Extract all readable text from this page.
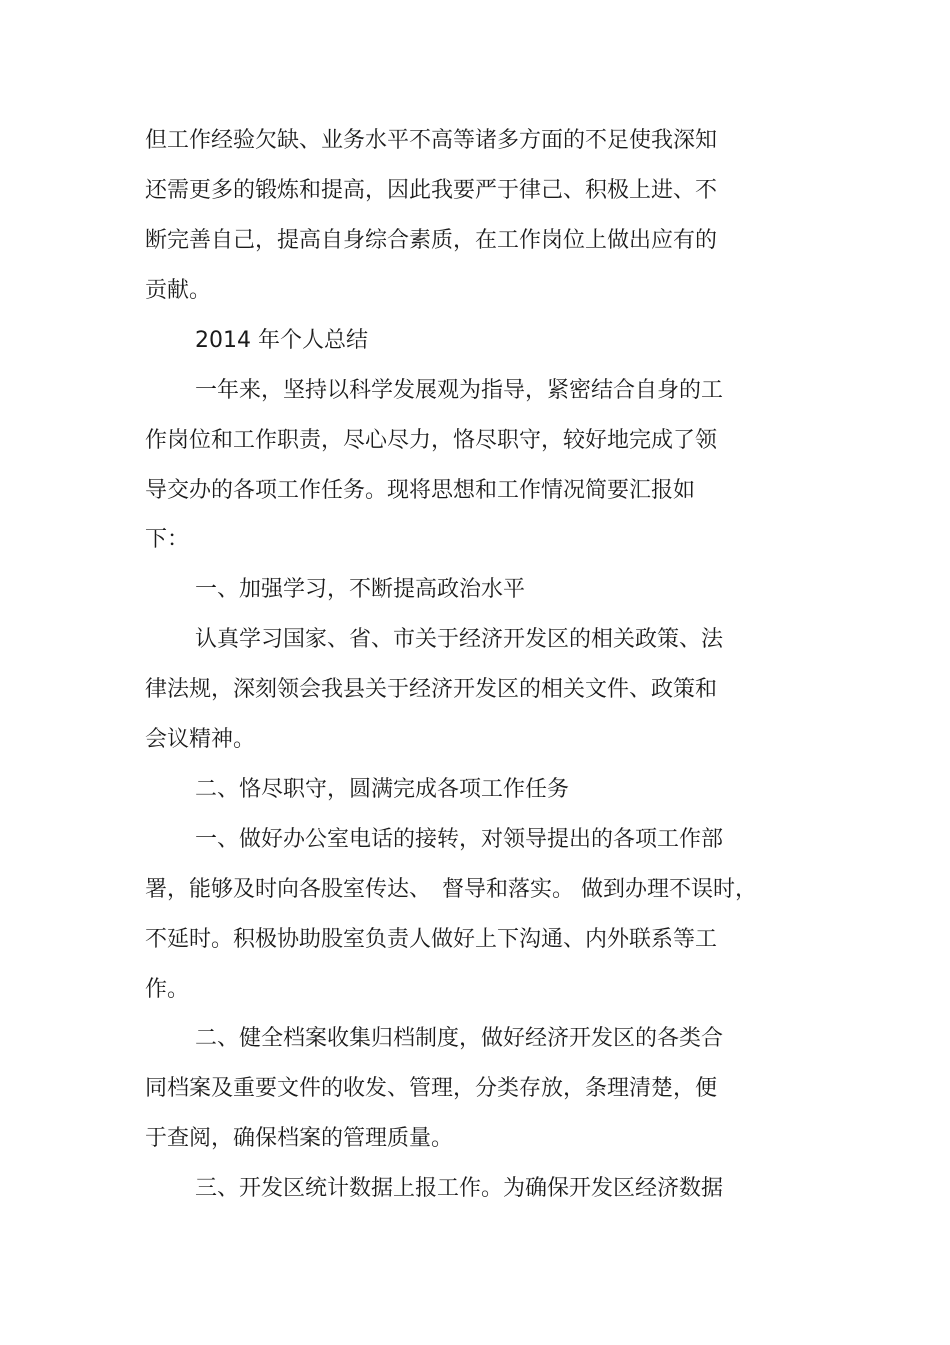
但工作经验欠缺、业务水平不高等诸多方面的不足使我深知
还需更多的锻炼和提高，因此我要严于律己、积极上进、不
断完善自己，提高自身综合素质，在工作岗位上做出应有的
贡献。
2014 年个人总结
一年来，坚持以科学发展观为指导，紧密结合自身的工
作岗位和工作职责，尽心尽力，恪尽职守，较好地完成了领
导交办的各项工作任务。现将思想和工作情况简要汇报如
下：
一、加强学习，不断提高政治水平
认真学习国家、省、市关于经济开发区的相关政策、法
律法规，深刻领会我县关于经济开发区的相关文件、政策和
会议精神。
二、恪尽职守，圆满完成各项工作任务
一、做好办公室电话的接转，对领导提出的各项工作部
署，能够及时向各股室传达、　督导和落实。 做到办理不误时，
不延时。积极协助股室负责人做好上下沟通、内外联系等工
作。
二、健全档案收集归档制度，做好经济开发区的各类合
同档案及重要文件的收发、管理，分类存放，条理清楚，便
于查阅，确保档案的管理质量。
三、开发区统计数据上报工作。为确保开发区经济数据
